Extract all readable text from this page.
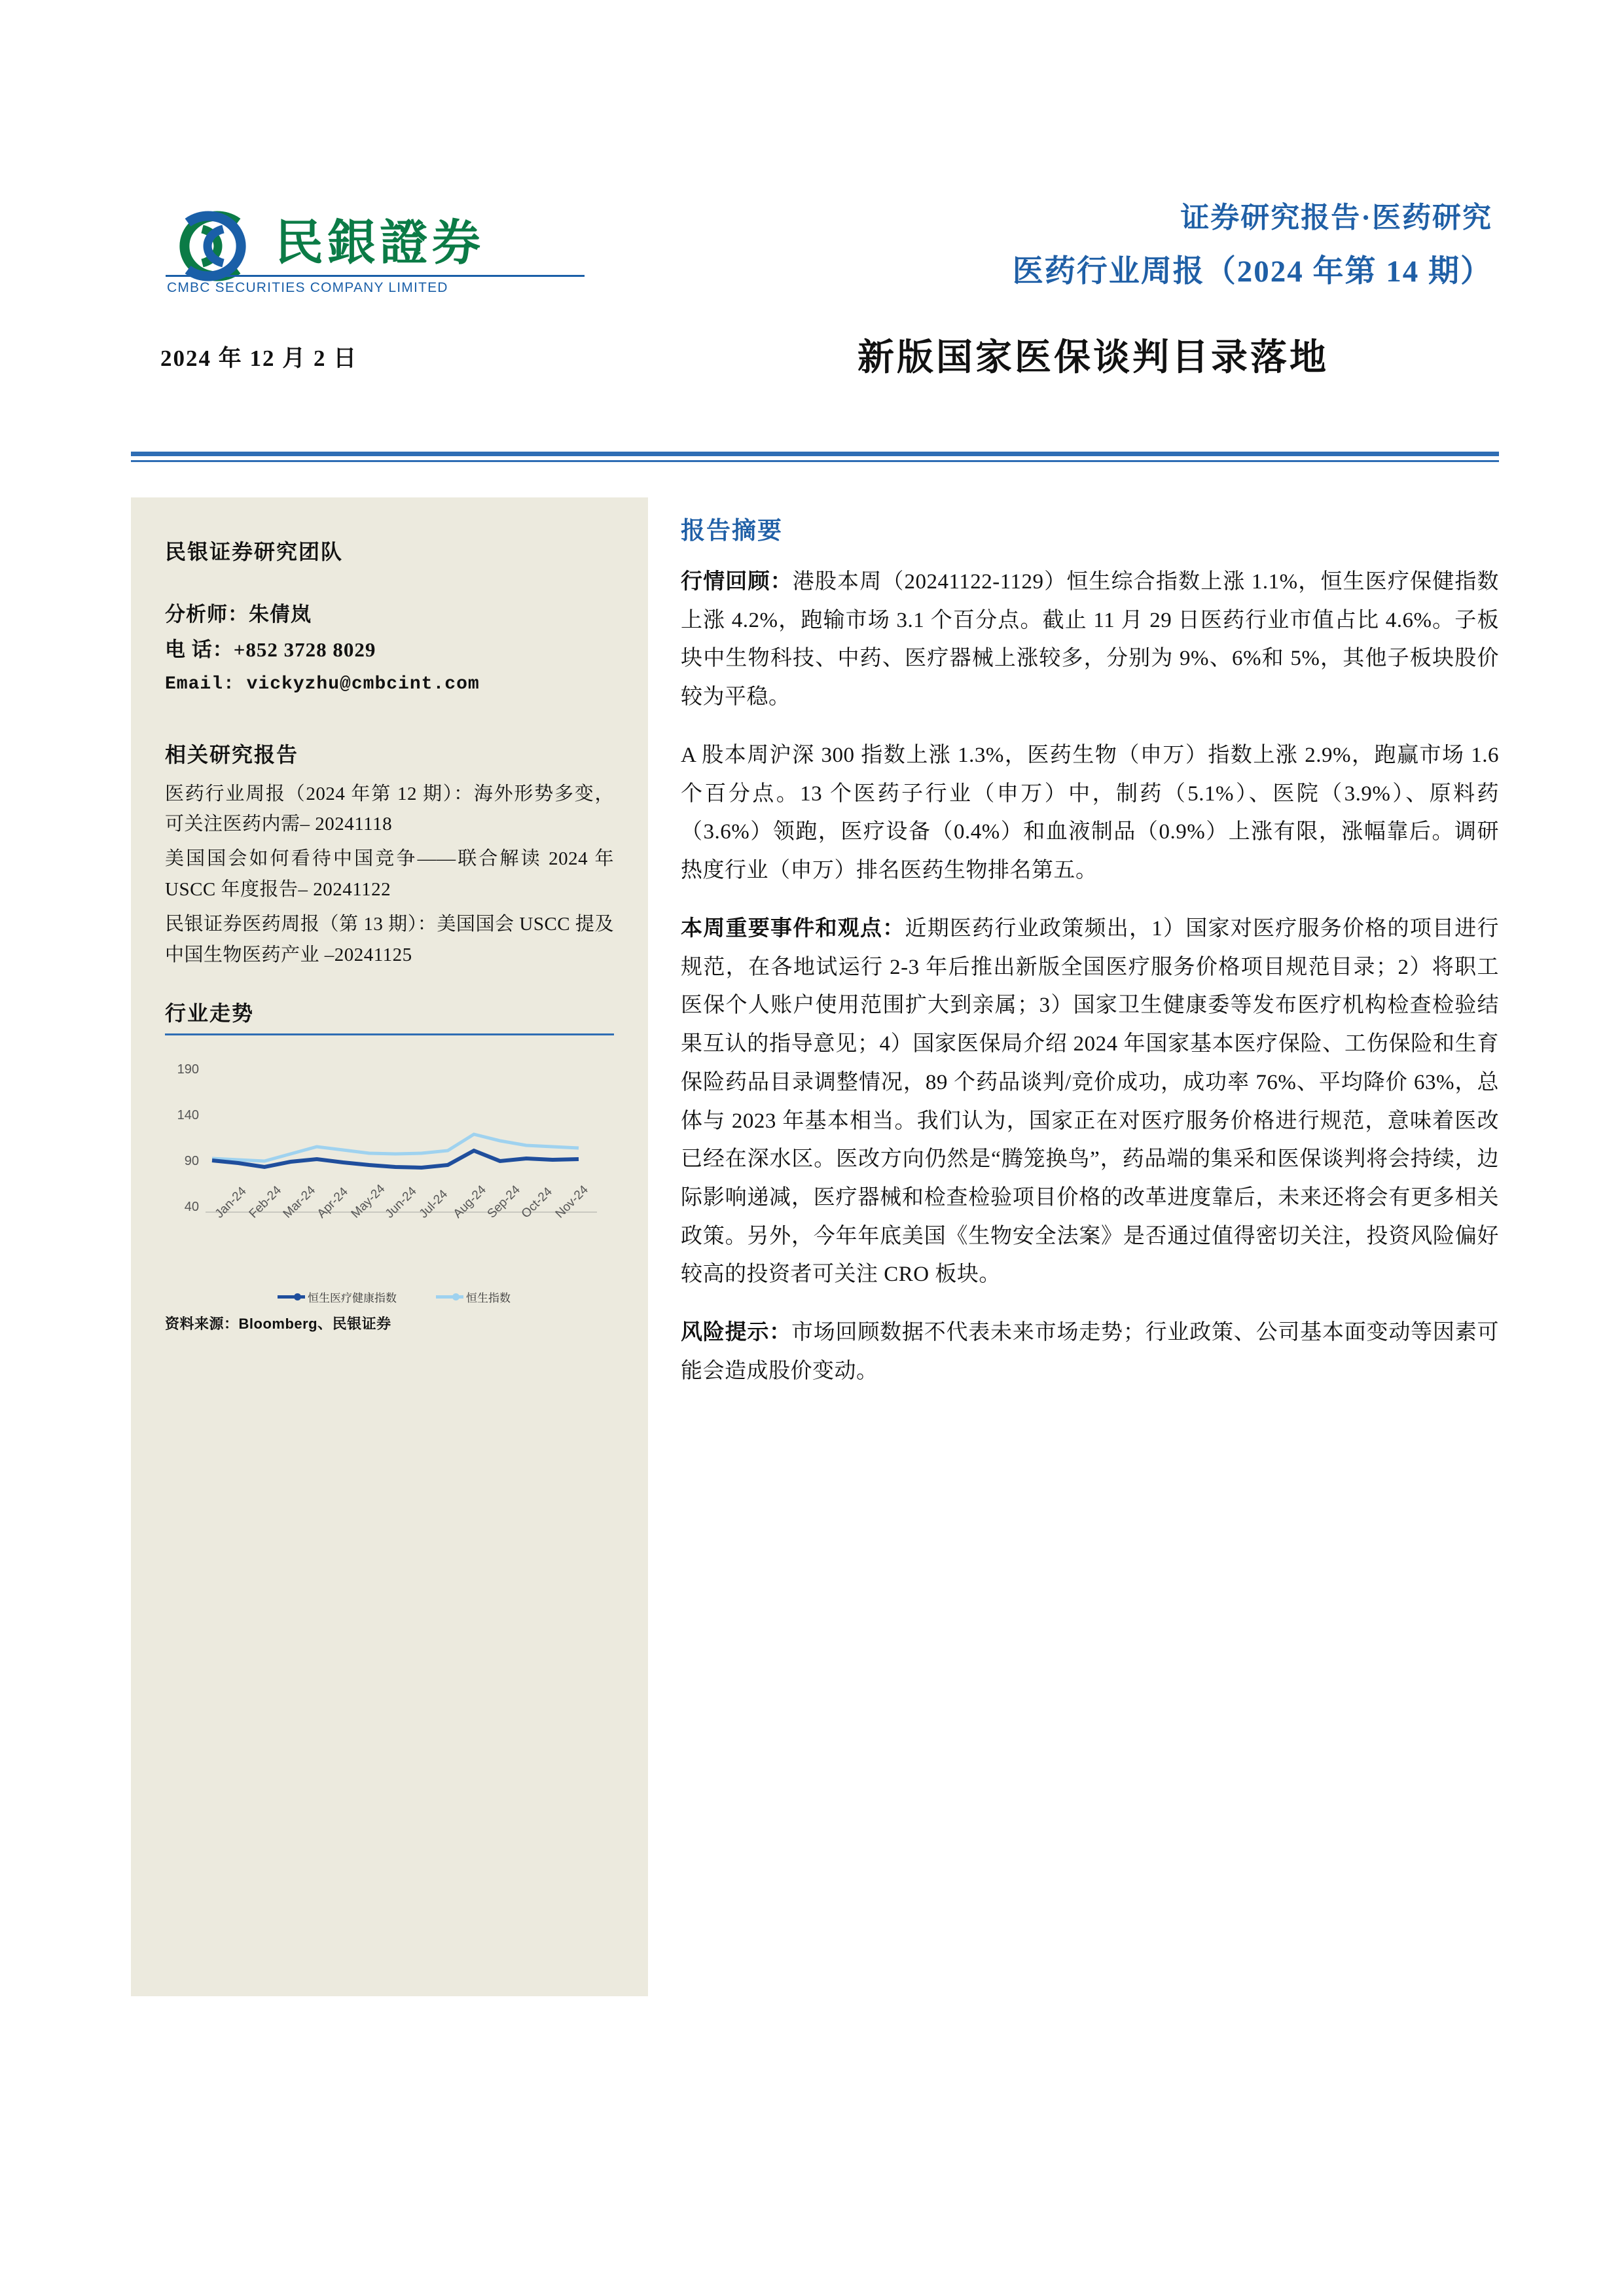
民銀證券
CMBC SECURITIES COMPANY LIMITED
证券研究报告·医药研究
医药行业周报（2024 年第 14 期）
2024 年 12 月 2 日	新版国家医保谈判目录落地
民银证券研究团队
分析师：朱倩岚
电 话：+852 3728 8029
Email: vickyzhu@cmbcint.com
相关研究报告
医药行业周报（2024 年第 12 期）：海外形势多变，可关注医药内需– 20241118
美国国会如何看待中国竞争——联合解读 2024 年 USCC 年度报告– 20241122
民银证券医药周报（第 13 期）：美国国会 USCC 提及中国生物医药产业 –20241125
行业走势
190
140
90
40 Jan-24
Feb-24
Mar-24
Apr-24
May-24
Jun-24
Jul-24 Aug-24
Sep-24
Oct-24
Nov-24
恒生医疗健康指数	恒生指数
资料来源：Bloomberg、民银证券
报告摘要
行情回顾：港股本周（20241122-1129）恒生综合指数上涨 1.1%，恒生医疗保健指数上涨 4.2%，跑输市场 3.1 个百分点。截止 11 月 29 日医药行业市值占比 4.6%。子板块中生物科技、中药、医疗器械上涨较多，分别为 9%、6%和 5%，其他子板块股价较为平稳。
A 股本周沪深 300 指数上涨 1.3%，医药生物（申万）指数上涨 2.9%，跑赢市场 1.6 个百分点。13 个医药子行业（申万）中，制药（5.1%）、医院（3.9%）、原料药（3.6%）领跑，医疗设备（0.4%）和血液制品（0.9%）上涨有限，涨幅靠后。调研热度行业（申万）排名医药生物排名第五。
本周重要事件和观点：近期医药行业政策频出，1）国家对医疗服务价格的项目进行规范，在各地试运行 2-3 年后推出新版全国医疗服务价格项目规范目录；2）将职工医保个人账户使用范围扩大到亲属；3）国家卫生健康委等发布医疗机构检查检验结果互认的指导意见；4）国家医保局介绍 2024 年国家基本医疗保险、工伤保险和生育保险药品目录调整情况，89 个药品谈判/竞价成功，成功率 76%、平均降价 63%，总体与 2023 年基本相当。我们认为，国家正在对医疗服务价格进行规范，意味着医改已经在深水区。医改方向仍然是“腾笼换鸟”，药品端的集采和医保谈判将会持续，边际影响递减，医疗器械和检查检验项目价格的改革进度靠后，未来还将会有更多相关政策。另外，今年年底美国《生物安全法案》是否通过值得密切关注，投资风险偏好较高的投资者可关注 CRO 板块。
风险提示：市场回顾数据不代表未来市场走势；行业政策、公司基本面变动等因素可能会造成股价变动。
